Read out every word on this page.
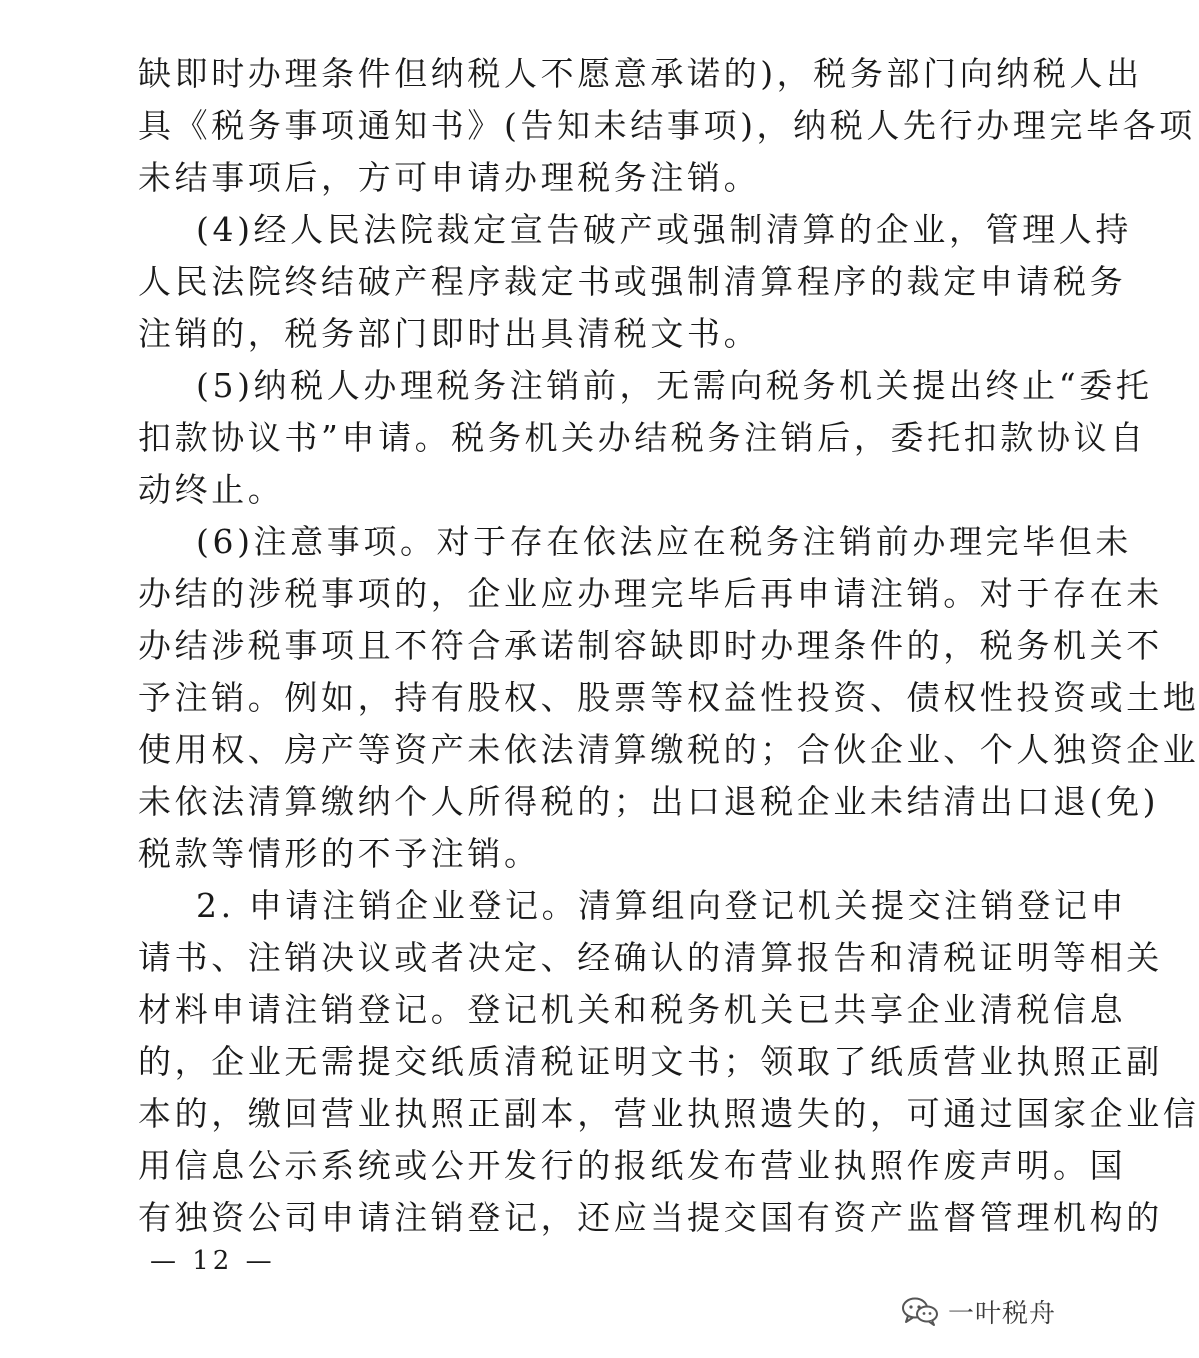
缺即时办理条件但纳税人不愿意承诺的)，税务部门向纳税人出
具《税务事项通知书》(告知未结事项)，纳税人先行办理完毕各项
未结事项后，方可申请办理税务注销。
(4)经人民法院裁定宣告破产或强制清算的企业，管理人持
人民法院终结破产程序裁定书或强制清算程序的裁定申请税务
注销的，税务部门即时出具清税文书。
(5)纳税人办理税务注销前，无需向税务机关提出终止“委托
扣款协议书”申请。税务机关办结税务注销后，委托扣款协议自
动终止。
(6)注意事项。对于存在依法应在税务注销前办理完毕但未
办结的涉税事项的，企业应办理完毕后再申请注销。对于存在未
办结涉税事项且不符合承诺制容缺即时办理条件的，税务机关不
予注销。例如，持有股权、股票等权益性投资、债权性投资或土地
使用权、房产等资产未依法清算缴税的；合伙企业、个人独资企业
未依法清算缴纳个人所得税的；出口退税企业未结清出口退(免)
税款等情形的不予注销。
2. 申请注销企业登记。清算组向登记机关提交注销登记申
请书、注销决议或者决定、经确认的清算报告和清税证明等相关
材料申请注销登记。登记机关和税务机关已共享企业清税信息
的，企业无需提交纸质清税证明文书；领取了纸质营业执照正副
本的，缴回营业执照正副本，营业执照遗失的，可通过国家企业信
用信息公示系统或公开发行的报纸发布营业执照作废声明。国
有独资公司申请注销登记，还应当提交国有资产监督管理机构的
— 12 —
一叶税舟
